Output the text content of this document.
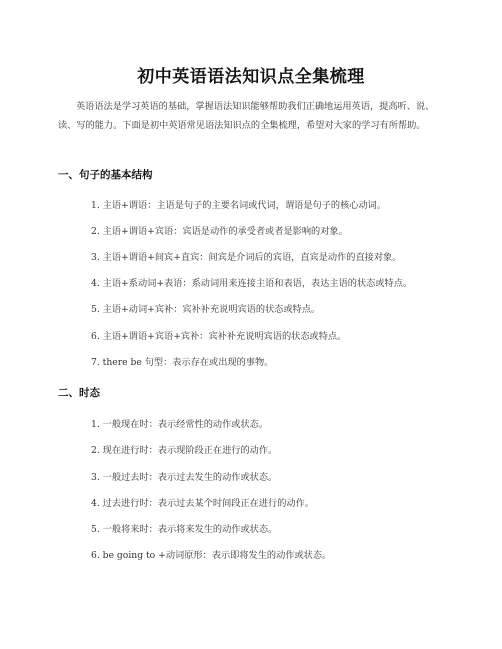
初中英语语法知识点全集梳理
英语语法是学习英语的基础，掌握语法知识能够帮助我们正确地运用英语，提高听、说、读、写的能力。下面是初中英语常见语法知识点的全集梳理，希望对大家的学习有所帮助。
一、句子的基本结构
1. 主语+谓语：主语是句子的主要名词或代词，谓语是句子的核心动词。
2. 主语+谓语+宾语：宾语是动作的承受者或者是影响的对象。
3. 主语+谓语+间宾+直宾：间宾是介词后的宾语，直宾是动作的直接对象。
4. 主语+系动词+表语：系动词用来连接主语和表语，表达主语的状态或特点。
5. 主语+动词+宾补：宾补补充说明宾语的状态或特点。
6. 主语+谓语+宾语+宾补：宾补补充说明宾语的状态或特点。
7. there be 句型：表示存在或出现的事物。
二、时态
1. 一般现在时：表示经常性的动作或状态。
2. 现在进行时：表示现阶段正在进行的动作。
3. 一般过去时：表示过去发生的动作或状态。
4. 过去进行时：表示过去某个时间段正在进行的动作。
5. 一般将来时：表示将来发生的动作或状态。
6. be going to +动词原形：表示即将发生的动作或状态。
